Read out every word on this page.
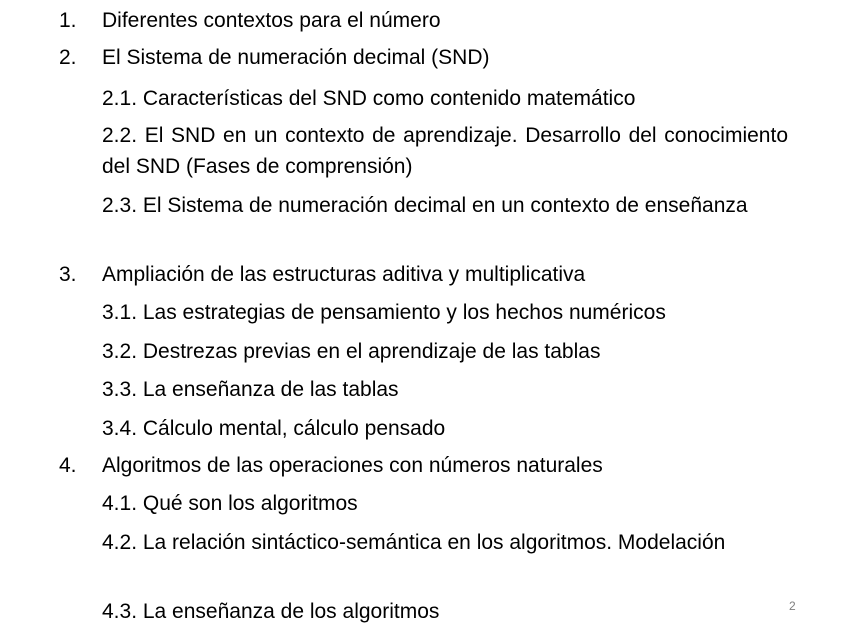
1. Diferentes contextos para el número
2. El Sistema de numeración decimal (SND)
2.1. Características del SND como contenido matemático
2.2. El SND en un contexto de aprendizaje. Desarrollo del conocimiento del SND (Fases de comprensión)
2.3. El Sistema de numeración decimal en un contexto de enseñanza
3. Ampliación de las estructuras aditiva y multiplicativa
3.1. Las estrategias de pensamiento y los hechos numéricos
3.2. Destrezas previas en el aprendizaje de las tablas
3.3. La enseñanza de las tablas
3.4. Cálculo mental, cálculo pensado
4. Algoritmos de las operaciones con números naturales
4.1. Qué son los algoritmos
4.2. La relación sintáctico-semántica en los algoritmos. Modelación
4.3. La enseñanza de los algoritmos	2
